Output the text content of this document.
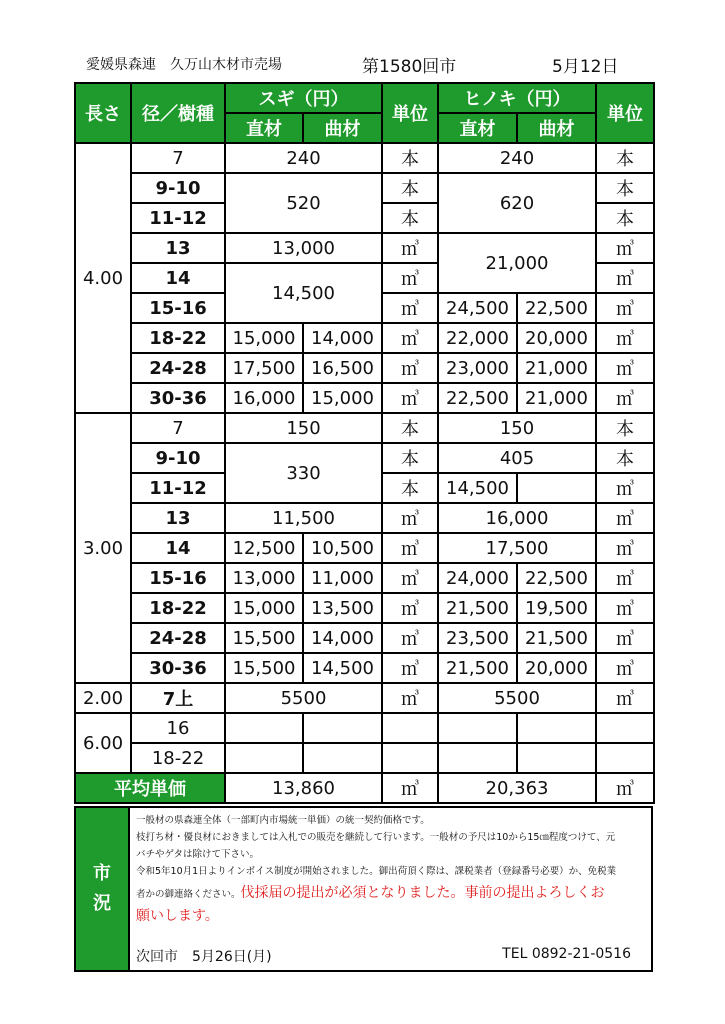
愛媛県森連　久万山木材市売場	第1580回市	5月12日
長さ	径／樹種	スギ（円）		単位	ヒノキ（円）		単位
		直材	曲材		直材	曲材	
4.00	7	240		本	240		本
	9-10	520		本	620		本
	11-12			本			本
	13	13,000		㎥	21,000		㎥
	14	14,500		㎥			㎥
	15-16			㎥	24,500	22,500	㎥
	18-22	15,000	14,000	㎥	22,000	20,000	㎥
	24-28	17,500	16,500	㎥	23,000	21,000	㎥
	30-36	16,000	15,000	㎥	22,500	21,000	㎥
3.00	7	150		本	150		本
	9-10	330		本	405		本
	11-12			本	14,500		㎥
	13	11,500		㎥	16,000		㎥
	14	12,500	10,500	㎥	17,500		㎥
	15-16	13,000	11,000	㎥	24,000	22,500	㎥
	18-22	15,000	13,500	㎥	21,500	19,500	㎥
	24-28	15,500	14,000	㎥	23,500	21,500	㎥
	30-36	15,500	14,500	㎥	21,500	20,000	㎥
2.00	7上	5500		㎥	5500		㎥
6.00	16						
	18-22						
平均単価		13,860		㎥	20,363		㎥
市
況
一般材の県森連全体（一部町内市場統一単価）の統一契約価格です。
枝打ち材・優良材におきましては入札での販売を継続して行います。一般材の予尺は10から15㎝程度つけて、元
バチやゲタは除けて下さい。
令和5年10月1日よりインボイス制度が開始されました。御出荷頂く際は、課税業者（登録番号必要）か、免税業
者かの御連絡ください。伐採届の提出が必須となりました。事前の提出よろしくお
願いします。
次回市　5月26日(月)	TEL 0892-21-0516
